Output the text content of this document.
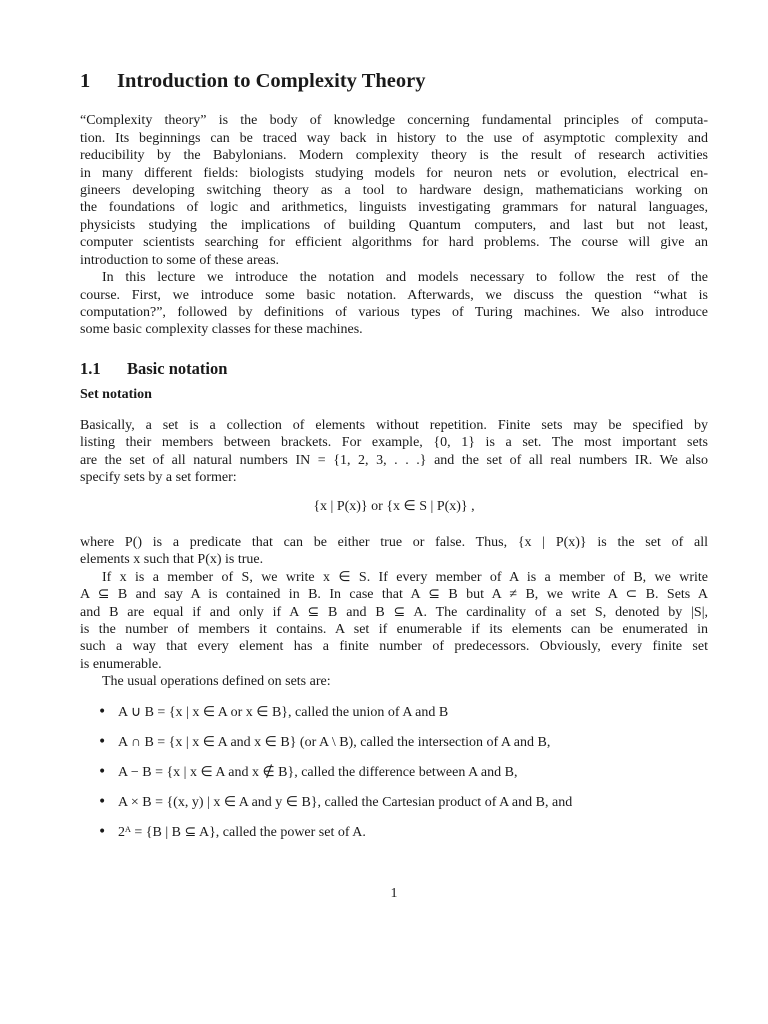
1 Introduction to Complexity Theory
“Complexity theory” is the body of knowledge concerning fundamental principles of computa-
tion. Its beginnings can be traced way back in history to the use of asymptotic complexity and
reducibility by the Babylonians. Modern complexity theory is the result of research activities
in many different fields: biologists studying models for neuron nets or evolution, electrical en-
gineers developing switching theory as a tool to hardware design, mathematicians working on
the foundations of logic and arithmetics, linguists investigating grammars for natural languages,
physicists studying the implications of building Quantum computers, and last but not least,
computer scientists searching for efficient algorithms for hard problems. The course will give an
introduction to some of these areas.
In this lecture we introduce the notation and models necessary to follow the rest of the
course. First, we introduce some basic notation. Afterwards, we discuss the question “what is
computation?”, followed by definitions of various types of Turing machines. We also introduce
some basic complexity classes for these machines.
1.1 Basic notation
Set notation
Basically, a set is a collection of elements without repetition. Finite sets may be specified by
listing their members between brackets. For example, {0, 1} is a set. The most important sets
are the set of all natural numbers IN = {1, 2, 3, . . .} and the set of all real numbers IR. We also
specify sets by a set former:
{x | P(x)} or {x ∈ S | P(x)} ,
where P() is a predicate that can be either true or false. Thus, {x | P(x)} is the set of all
elements x such that P(x) is true.
If x is a member of S, we write x ∈ S. If every member of A is a member of B, we write
A ⊆ B and say A is contained in B. In case that A ⊆ B but A ≠ B, we write A ⊂ B. Sets A
and B are equal if and only if A ⊆ B and B ⊆ A. The cardinality of a set S, denoted by |S|,
is the number of members it contains. A set if enumerable if its elements can be enumerated in
such a way that every element has a finite number of predecessors. Obviously, every finite set
is enumerable.
The usual operations defined on sets are:
• A ∪ B = {x | x ∈ A or x ∈ B}, called the union of A and B
• A ∩ B = {x | x ∈ A and x ∈ B} (or A \ B), called the intersection of A and B,
• A − B = {x | x ∈ A and x ∉ B}, called the difference between A and B,
• A × B = {(x, y) | x ∈ A and y ∈ B}, called the Cartesian product of A and B, and
• 2ᴬ = {B | B ⊆ A}, called the power set of A.
1
